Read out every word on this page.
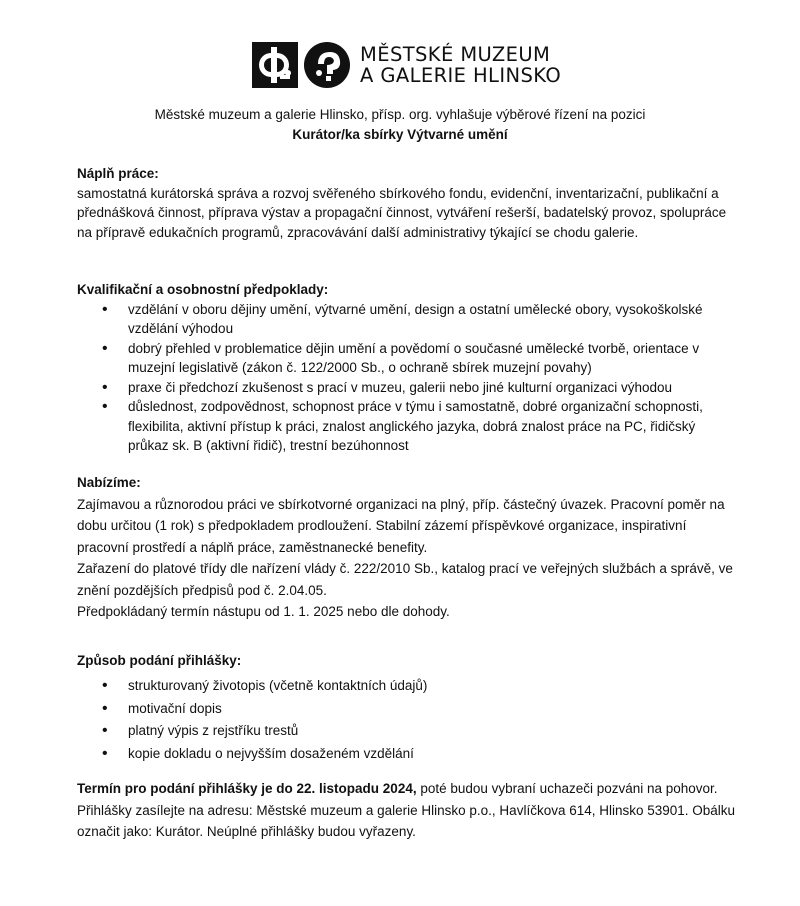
MĚSTSKÉ MUZEUM
A GALERIE HLINSKO
Městské muzeum a galerie Hlinsko, přísp. org. vyhlašuje výběrové řízení na pozici
Kurátor/ka sbírky Výtvarné umění
Náplň práce:

samostatná kurátorská správa a rozvoj svěřeného sbírkového fondu, evidenční, inventarizační, publikační a přednášková činnost, příprava výstav a propagační činnost, vytváření rešerší, badatelský provoz, spolupráce na přípravě edukačních programů, zpracovávání další administrativy týkající se chodu galerie.

Kvalifikační a osobnostní předpoklady:
• vzdělání v oboru dějiny umění, výtvarné umění, design a ostatní umělecké obory, vysokoškolské vzdělání výhodou
• dobrý přehled v problematice dějin umění a povědomí o současné umělecké tvorbě, orientace v muzejní legislativě (zákon č. 122/2000 Sb., o ochraně sbírek muzejní povahy)
• praxe či předchozí zkušenost s prací v muzeu, galerii nebo jiné kulturní organizaci výhodou
• důslednost, zodpovědnost, schopnost práce v týmu i samostatně, dobré organizační schopnosti, flexibilita, aktivní přístup k práci, znalost anglického jazyka, dobrá znalost práce na PC, řidičský průkaz sk. B (aktivní řidič), trestní bezúhonnost
Nabízíme:

Zajímavou a různorodou práci ve sbírkotvorné organizaci na plný, příp. částečný úvazek. Pracovní poměr na dobu určitou (1 rok) s předpokladem prodloužení. Stabilní zázemí příspěvkové organizace, inspirativní pracovní prostředí a náplň práce, zaměstnanecké benefity.

Zařazení do platové třídy dle nařízení vlády č. 222/2010 Sb., katalog prací ve veřejných službách a správě, ve znění pozdějších předpisů pod č. 2.04.05.

Předpokládaný termín nástupu od 1. 1. 2025 nebo dle dohody.

Způsob podání přihlášky:
• strukturovaný životopis (včetně kontaktních údajů)
• motivační dopis
• platný výpis z rejstříku trestů
• kopie dokladu o nejvyšším dosaženém vzdělání

Termín pro podání přihlášky je do 22. listopadu 2024, poté budou vybraní uchazeči pozváni na pohovor. Přihlášky zasílejte na adresu: Městské muzeum a galerie Hlinsko p.o., Havlíčkova 614, Hlinsko 53901. Obálku označit jako: Kurátor. Neúplné přihlášky budou vyřazeny.
